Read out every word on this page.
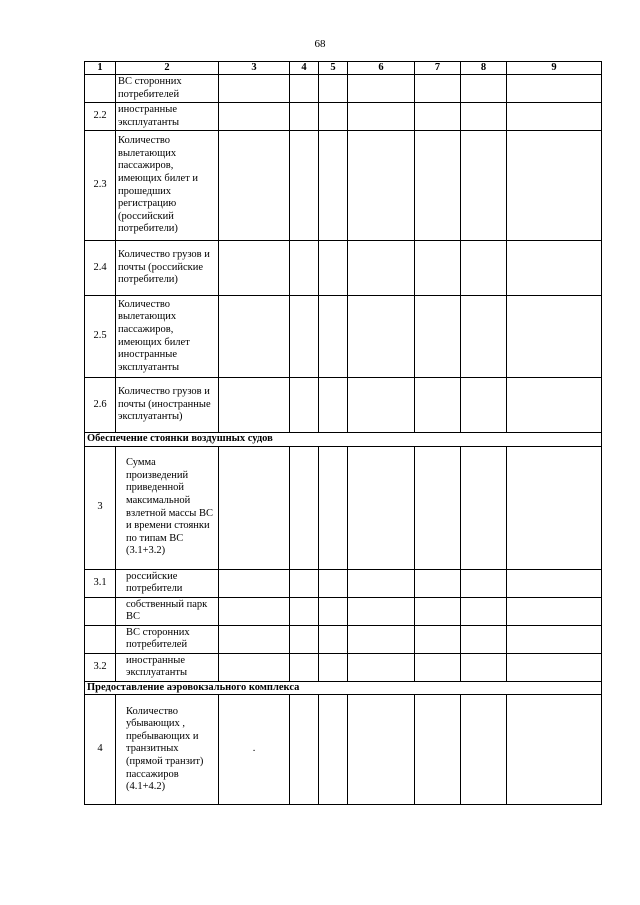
68
1	2	3	4	5	6	7	8	9
	ВС сторонних потребителей							
2.2	иностранные эксплуатанты							
2.3	Количество вылетающих пассажиров, имеющих билет и прошедших регистрацию (российский потребители)							
2.4	Количество грузов и почты (российские потребители)							
2.5	Количество вылетающих пассажиров, имеющих билет иностранные эксплуатанты							
2.6	Количество грузов и почты (иностранные эксплуатанты)							
Обеспечение стоянки воздушных судов								
3	Сумма произведений приведенной максимальной взлетной массы ВС и времени стоянки по типам ВС (3.1+3.2)							
3.1	российские потребители							
	собственный парк ВС							
	ВС сторонних потребителей							
3.2	иностранные эксплуатанты							
Предоставление аэровокзального комплекса								
4	Количество убывающих , пребывающих и транзитных (прямой транзит) пассажиров (4.1+4.2)	.						
